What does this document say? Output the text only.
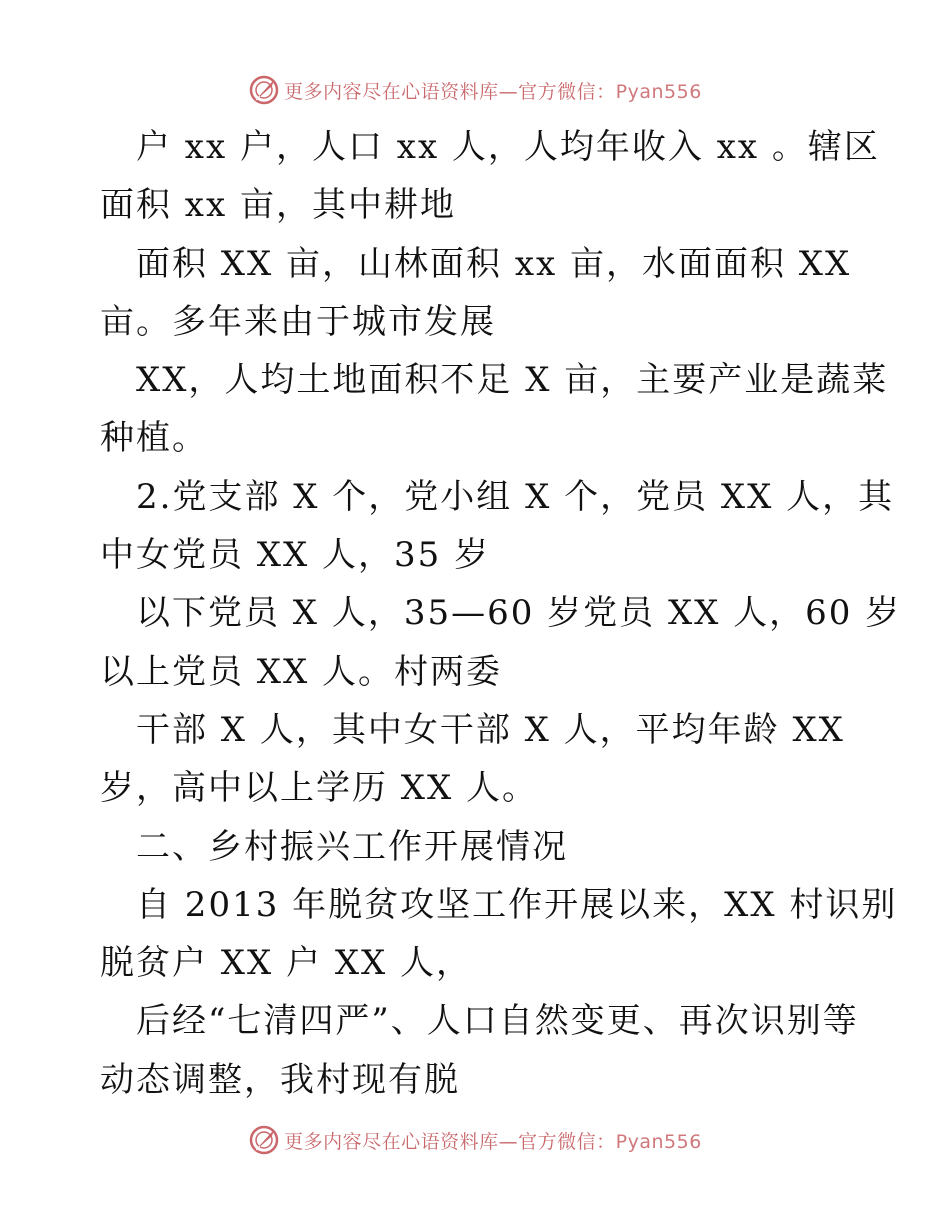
更多内容尽在心语资料库—官方微信：Pyan556
户 xx 户，人口 xx 人，人均年收入 xx 。辖区
面积 xx 亩，其中耕地
面积 XX 亩，山林面积 xx 亩，水面面积 XX
亩。多年来由于城市发展
XX，人均土地面积不足 X 亩，主要产业是蔬菜
种植。
2.党支部 X 个，党小组 X 个，党员 XX 人，其
中女党员 XX 人，35 岁
以下党员 X 人，35—60 岁党员 XX 人，60 岁
以上党员 XX 人。村两委
干部 X 人，其中女干部 X 人，平均年龄 XX
岁，高中以上学历 XX 人。
二、乡村振兴工作开展情况
自 2013 年脱贫攻坚工作开展以来，XX 村识别
脱贫户 XX 户 XX 人，
后经“七清四严”、人口自然变更、再次识别等
动态调整，我村现有脱
更多内容尽在心语资料库—官方微信：Pyan556
